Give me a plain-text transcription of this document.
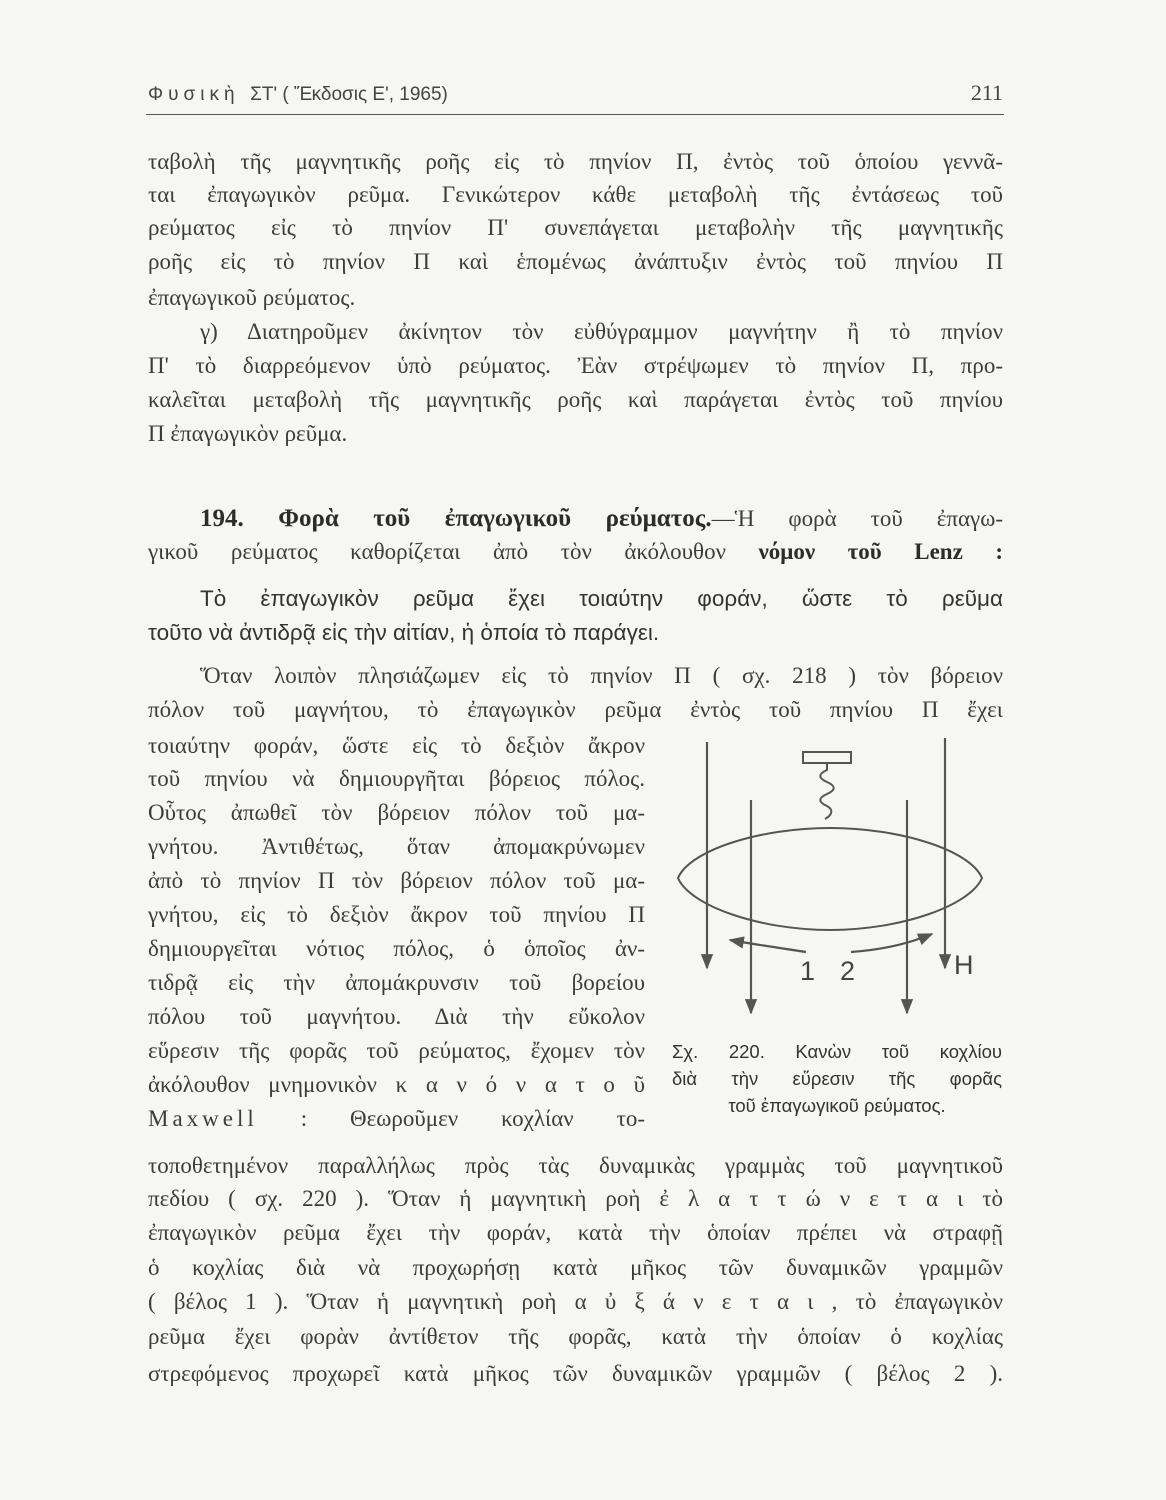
Φυσικὴ ΣΤ' ( Ἔκδοσις Ε', 1965)	211
ταβολὴ τῆς μαγνητικῆς ροῆς εἰς τὸ πηνίον Π, ἐντὸς τοῦ ὁποίου γεννᾶ-
ται ἐπαγωγικὸν ρεῦμα. Γενικώτερον κάθε μεταβολὴ τῆς ἐντάσεως τοῦ
ρεύματος εἰς τὸ πηνίον Π' συνεπάγεται μεταβολὴν τῆς μαγνητικῆς
ροῆς εἰς τὸ πηνίον Π καὶ ἑπομένως ἀνάπτυξιν ἐντὸς τοῦ πηνίου Π
ἐπαγωγικοῦ ρεύματος.
γ) Διατηροῦμεν ἀκίνητον τὸν εὐθύγραμμον μαγνήτην ἢ τὸ πηνίον
Π' τὸ διαρρεόμενον ὑπὸ ρεύματος. Ἐὰν στρέψωμεν τὸ πηνίον Π, προ-
καλεῖται μεταβολὴ τῆς μαγνητικῆς ροῆς καὶ παράγεται ἐντὸς τοῦ πηνίου
Π ἐπαγωγικὸν ρεῦμα.
194. Φορὰ τοῦ ἐπαγωγικοῦ ρεύματος.—Ἡ φορὰ τοῦ ἐπαγω-
γικοῦ ρεύματος καθορίζεται ἀπὸ τὸν ἀκόλουθον νόμον τοῦ Lenz :
Τὸ ἐπαγωγικὸν ρεῦμα ἔχει τοιαύτην φοράν, ὥστε τὸ ρεῦμα
τοῦτο νὰ ἀντιδρᾷ εἰς τὴν αἰτίαν, ἡ ὁποία τὸ παράγει.
Ὅταν λοιπὸν πλησιάζωμεν εἰς τὸ πηνίον Π ( σχ. 218 ) τὸν βόρειον
πόλον τοῦ μαγνήτου, τὸ ἐπαγωγικὸν ρεῦμα ἐντὸς τοῦ πηνίου Π ἔχει
τοιαύτην φοράν, ὥστε εἰς τὸ δεξιὸν ἄκρον
τοῦ πηνίου νὰ δημιουργῆται βόρειος πόλος.
Οὗτος ἀπωθεῖ τὸν βόρειον πόλον τοῦ μα-
γνήτου. Ἀντιθέτως, ὅταν ἀπομακρύνωμεν
ἀπὸ τὸ πηνίον Π τὸν βόρειον πόλον τοῦ μα-
γνήτου, εἰς τὸ δεξιὸν ἄκρον τοῦ πηνίου Π
δημιουργεῖται νότιος πόλος, ὁ ὁποῖος ἀν-
τιδρᾷ εἰς τὴν ἀπομάκρυνσιν τοῦ βορείου
πόλου τοῦ μαγνήτου. Διὰ τὴν εὔκολον
εὕρεσιν τῆς φορᾶς τοῦ ρεύματος, ἔχομεν τὸν
ἀκόλουθον μνημονικὸν κ α ν ό ν α τ ο ῦ
Maxwell : Θεωροῦμεν κοχλίαν το-
τοποθετημένον παραλλήλως πρὸς τὰς δυναμικὰς γραμμὰς τοῦ μαγνητικοῦ
πεδίου ( σχ. 220 ). Ὅταν ἡ μαγνητικὴ ροὴ ἐ λ α τ τ ώ ν ε τ α ι τὸ
ἐπαγωγικὸν ρεῦμα ἔχει τὴν φοράν, κατὰ τὴν ὁποίαν πρέπει νὰ στραφῇ
ὁ κοχλίας διὰ νὰ προχωρήσῃ κατὰ μῆκος τῶν δυναμικῶν γραμμῶν
( βέλος 1 ). Ὅταν ἡ μαγνητικὴ ροὴ α ὐ ξ ά ν ε τ α ι , τὸ ἐπαγωγικὸν
ρεῦμα ἔχει φορὰν ἀντίθετον τῆς φορᾶς, κατὰ τὴν ὁποίαν ὁ κοχλίας
στρεφόμενος προχωρεῖ κατὰ μῆκος τῶν δυναμικῶν γραμμῶν ( βέλος 2 ).
1 2	H
Σχ. 220. Κανὼν τοῦ κοχλίου
διὰ τὴν εὕρεσιν τῆς φορᾶς
τοῦ ἐπαγωγικοῦ ρεύματος.
